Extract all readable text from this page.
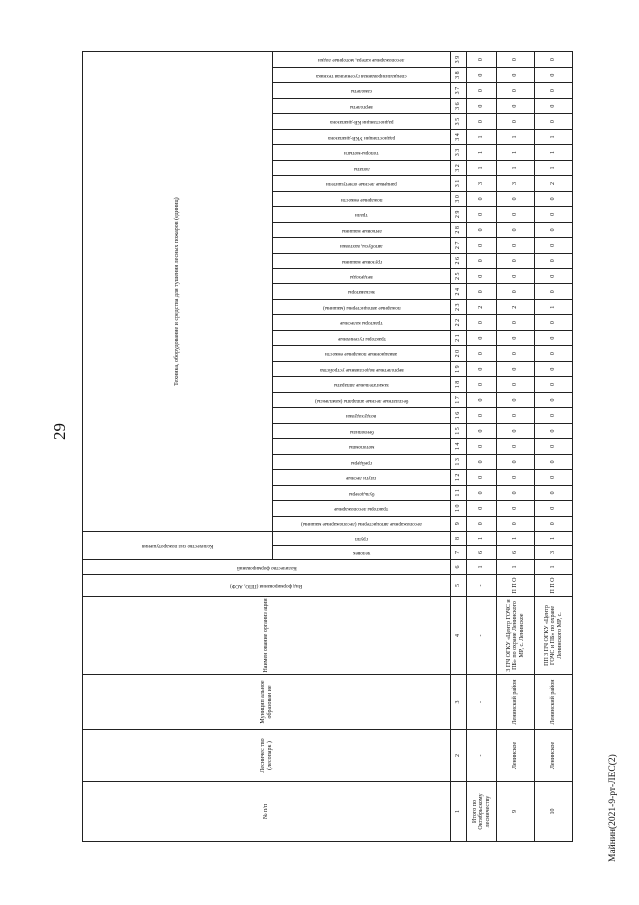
29
Майнин(2021-9-рт-ЛЕС(2)
№ п/п	Лесничес тво (лесопарк )	Муницип альное образован ие	Наимен ование организ ации	Вид формирования (ППО, АСФ)	Количество формирований	Количество сил пожаротушения		Техника, оборудование и средства для тушения лесных пожаров (единиц)																														

						человек	групп	лесопожарные автоцистерны (лесопожарные машины)	тракторы лесопожарные	бульдозеры	плуги лесные	грейдеры	мотопомпы	бензопилы	воздуходувки	бесплатные лесные аппараты (комплексы)	зажигательные аппараты	вертолетные водосливные устройства	авиационные пожарные емкости	тракторы гусеничные	тракторы колесные	пожарные автоцистерны (машины)	экскаваторы	вездеходы	грузовые машины	автобусы, вахтовки	легковые машины	трали	пожарные емкости	ранцевые лесные огнетушители	лопаты	топоры-мотыги	радиостанции УКВ-диапазона	радиостанции КВ-диапазона	вертолеты	самолеты	специализированная гусеничная техника	лесопожарные катера, моторные лодки

1	2	3	4	5	6	7	8	9	1 0	1 1	1 2	1 3	1 4	1 5	1 6	1 7	1 8	1 9	2 0	2 1	2 2	2 3	2 4	2 5	2 6	2 7	2 8	2 9	3 0	3 1	3 2	3 3	3 4	3 5	3 6	3 7	3 8	3 9
Итого по Октябрьскому лесничеству	-	-	-	-	1	6	1	0	0	0	0	0	0	0	0	0	0	0	0	0	0	2	0	0	0	0	0	0	0	3	1	1	1	0	0	0	0	0
9	Ленинское	Ленинский район	3 ПЧ ОГКУ «Центр ГОЧС и ПБ» по охране Ленинского МР, с. Ленинское	П П О	1	6	1	0	0	0	0	0	0	0	0	0	0	0	0	0	0	2	0	0	0	0	0	0	0	3	1	1	1	0	0	0	0	0
10	Ленинское	Ленинский район	ПП 3 ПЧ ОГКУ «Центр ГОЧС и ПБ» по охране Ленинского МР, с.	П П О	1	3	1	0	0	0	0	0	0	0	0	0	0	0	0	0	0	1	0	0	0	0	0	0	0	2	1	1	1	0	0	0	0	0
